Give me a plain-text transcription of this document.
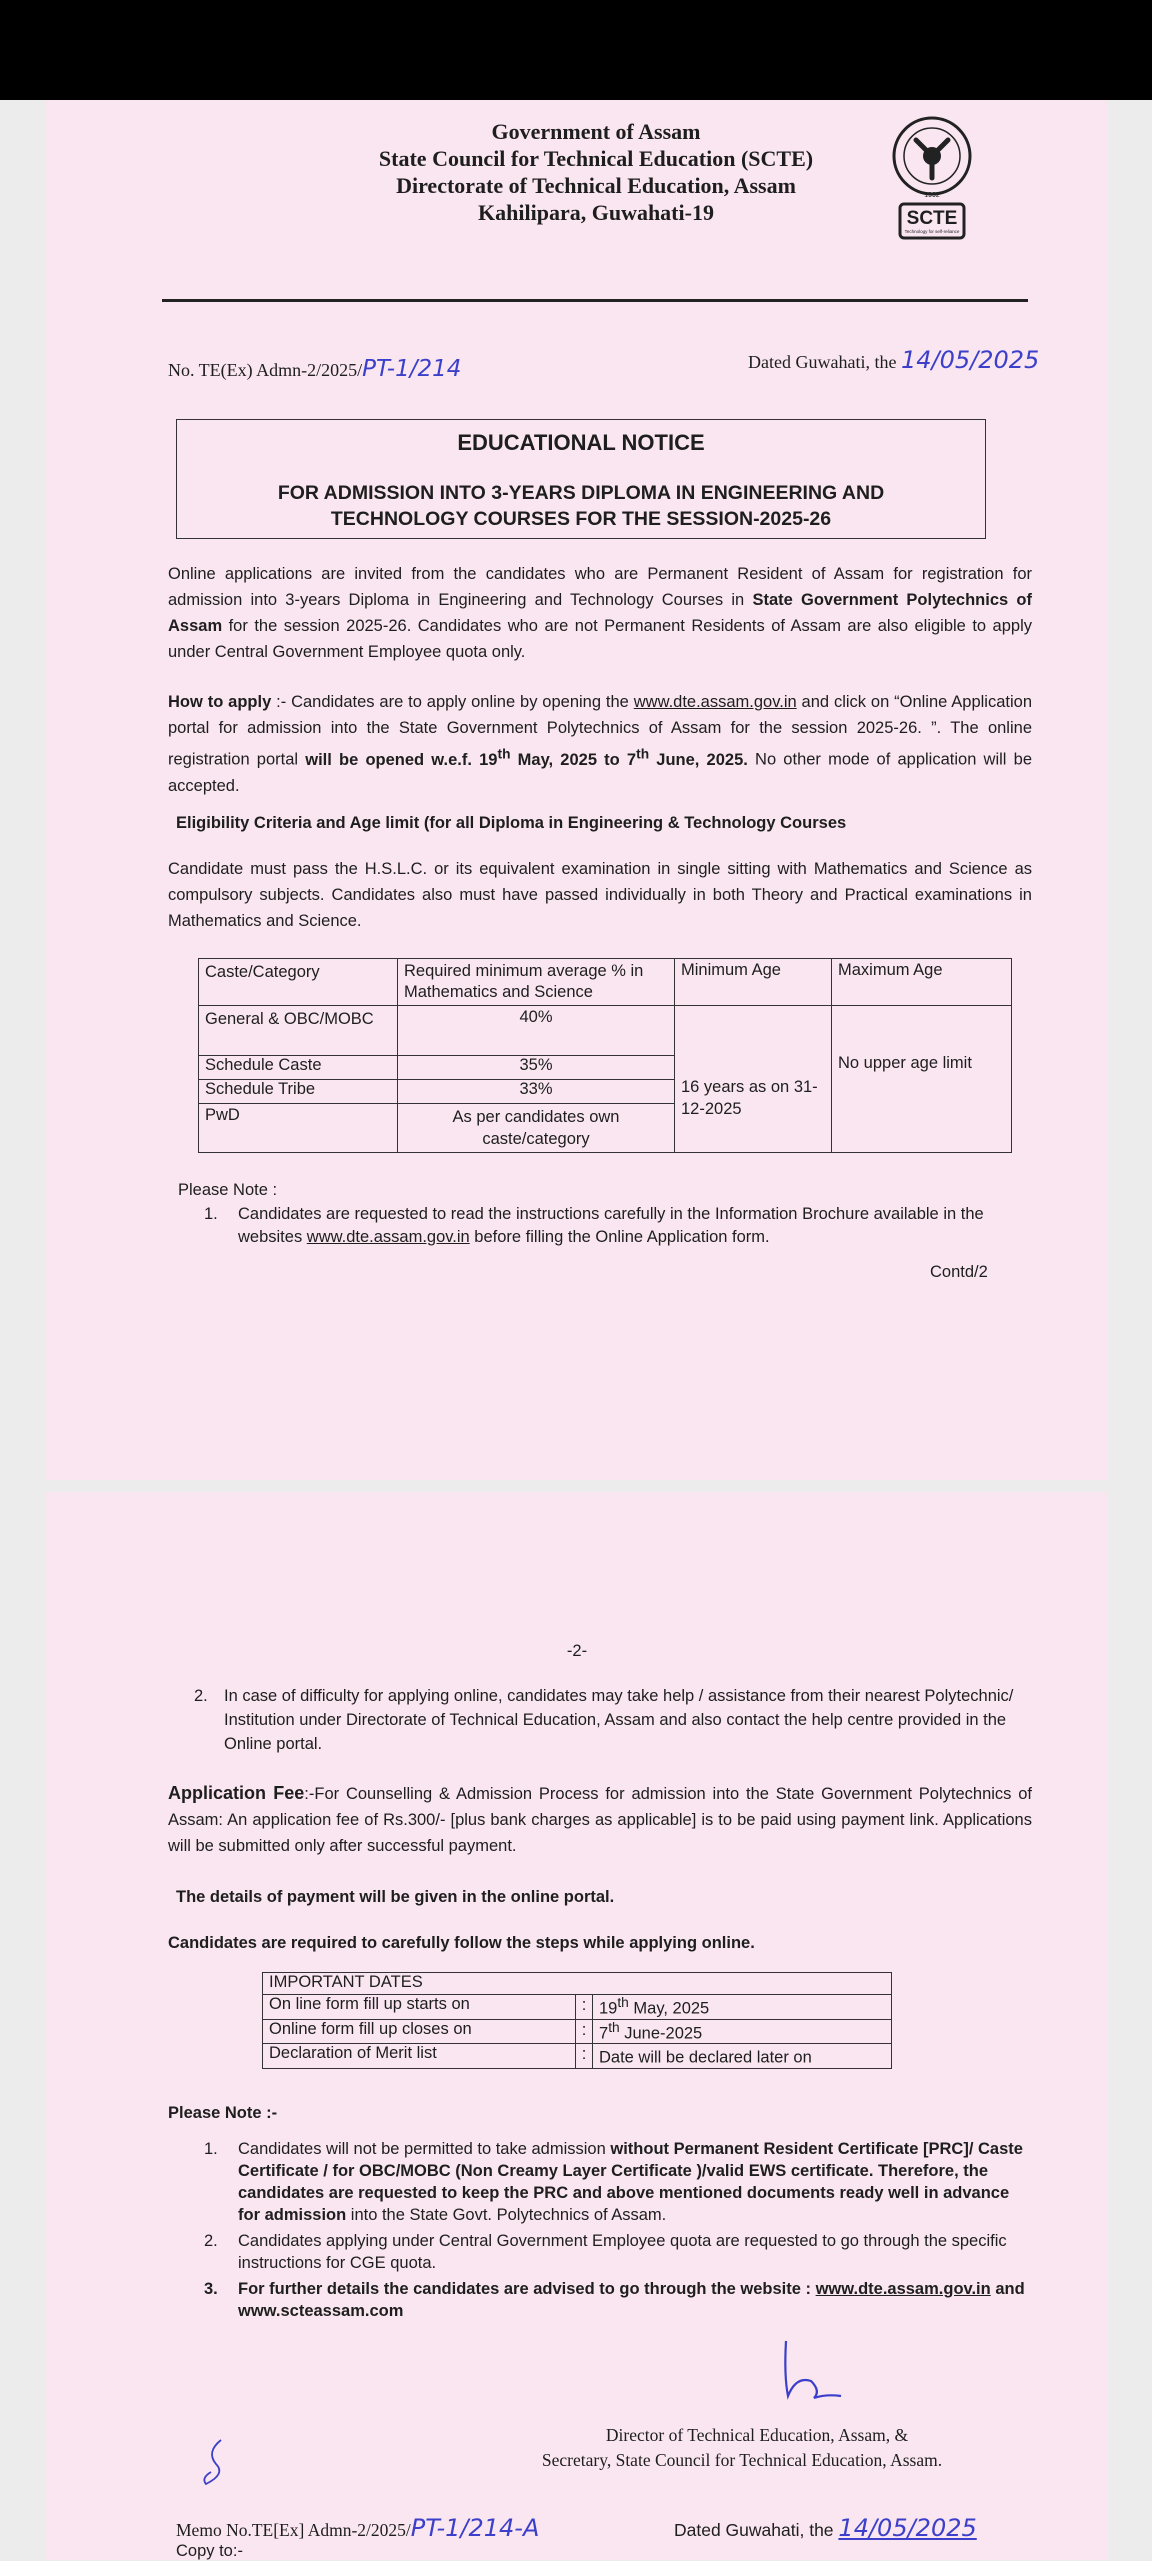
Government of Assam
State Council for Technical Education (SCTE)
Directorate of Technical Education, Assam
Kahilipara, Guwahati-19
1992
SCTE
Technology for self-reliance
No. TE(Ex) Admn-2/2025/PT-1/214	Dated Guwahati, the 14/05/2025
EDUCATIONAL NOTICE
FOR ADMISSION INTO 3-YEARS DIPLOMA IN ENGINEERING AND
TECHNOLOGY COURSES FOR THE SESSION-2025-26
Online applications are invited from the candidates who are Permanent Resident of Assam for registration for admission into 3-years Diploma in Engineering and Technology Courses in State Government Polytechnics of Assam for the session 2025-26. Candidates who are not Permanent Residents of Assam are also eligible to apply under Central Government Employee quota only.
How to apply :- Candidates are to apply online by opening the www.dte.assam.gov.in and click on “Online Application portal for admission into the State Government Polytechnics of Assam for the session 2025-26. ”. The online registration portal will be opened w.e.f. 19th May, 2025 to 7th June, 2025. No other mode of application will be accepted.
Eligibility Criteria and Age limit (for all Diploma in Engineering & Technology Courses
Candidate must pass the H.S.L.C. or its equivalent examination in single sitting with Mathematics and Science as compulsory subjects. Candidates also must have passed individually in both Theory and Practical examinations in Mathematics and Science.
Caste/Category	Required minimum average % in Mathematics and Science	Minimum Age	Maximum Age
General & OBC/MOBC	40%	16 years as on 31-12-2025	No upper age limit
Schedule Caste	35%		
Schedule Tribe	33%		
PwD	As per candidates own caste/category		
Please Note :
1. Candidates are requested to read the instructions carefully in the Information Brochure available in the websites www.dte.assam.gov.in before filling the Online Application form.
Contd/2
-2-
2. In case of difficulty for applying online, candidates may take help / assistance from their nearest Polytechnic/ Institution under Directorate of Technical Education, Assam and also contact the help centre provided in the Online portal.
Application Fee:-For Counselling & Admission Process for admission into the State Government Polytechnics of Assam: An application fee of Rs.300/- [plus bank charges as applicable] is to be paid using payment link. Applications will be submitted only after successful payment.
The details of payment will be given in the online portal.
Candidates are required to carefully follow the steps while applying online.
IMPORTANT DATES		
On line form fill up starts on	:	19th May, 2025
Online form fill up closes on	:	7th June-2025
Declaration of Merit list	:	Date will be declared later on
Please Note :-
1. Candidates will not be permitted to take admission without Permanent Resident Certificate [PRC]/ Caste Certificate / for OBC/MOBC (Non Creamy Layer Certificate )/valid EWS certificate. Therefore, the candidates are requested to keep the PRC and above mentioned documents ready well in advance for admission into the State Govt. Polytechnics of Assam.
2. Candidates applying under Central Government Employee quota are requested to go through the specific instructions for CGE quota.
3. For further details the candidates are advised to go through the website : www.dte.assam.gov.in and www.scteassam.com
Director of Technical Education, Assam, &
Secretary, State Council for Technical Education, Assam.
Memo No.TE[Ex] Admn-2/2025/PT-1/214-A	Dated Guwahati, the 14/05/2025
Copy to:-
